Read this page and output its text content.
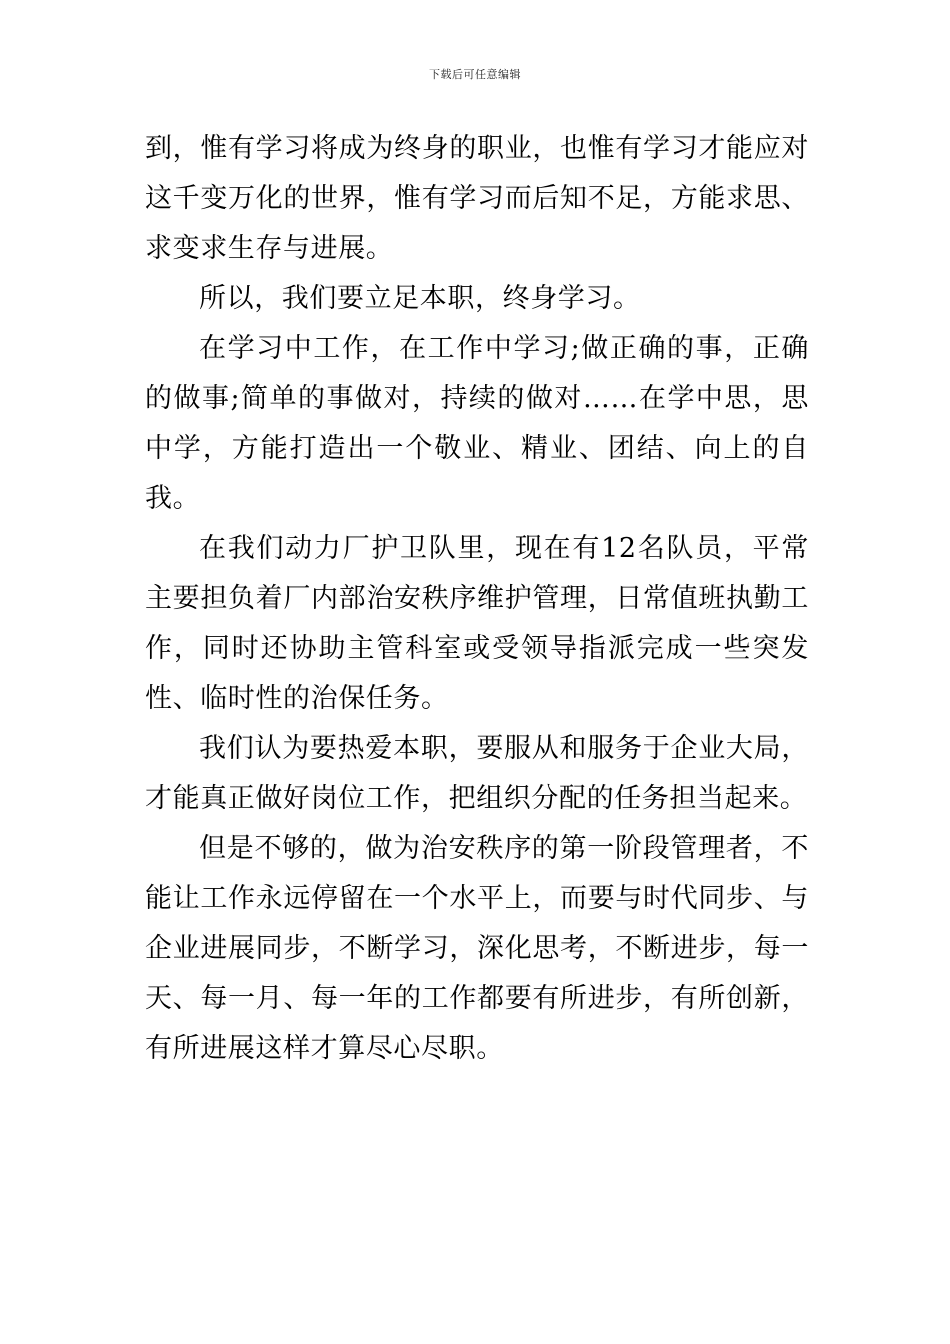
下载后可任意编辑

到，惟有学习将成为终身的职业，也惟有学习才能应对这千变万化的世界，惟有学习而后知不足，方能求思、求变求生存与进展。

所以，我们要立足本职，终身学习。

在学习中工作，在工作中学习;做正确的事，正确的做事;简单的事做对，持续的做对……在学中思，思中学，方能打造出一个敬业、精业、团结、向上的自我。

在我们动力厂护卫队里，现在有12名队员，平常主要担负着厂内部治安秩序维护管理，日常值班执勤工作，同时还协助主管科室或受领导指派完成一些突发性、临时性的治保任务。

我们认为要热爱本职，要服从和服务于企业大局，才能真正做好岗位工作，把组织分配的任务担当起来。

但是不够的，做为治安秩序的第一阶段管理者，不能让工作永远停留在一个水平上，而要与时代同步、与企业进展同步，不断学习，深化思考，不断进步，每一天、每一月、每一年的工作都要有所进步，有所创新，有所进展这样才算尽心尽职。
